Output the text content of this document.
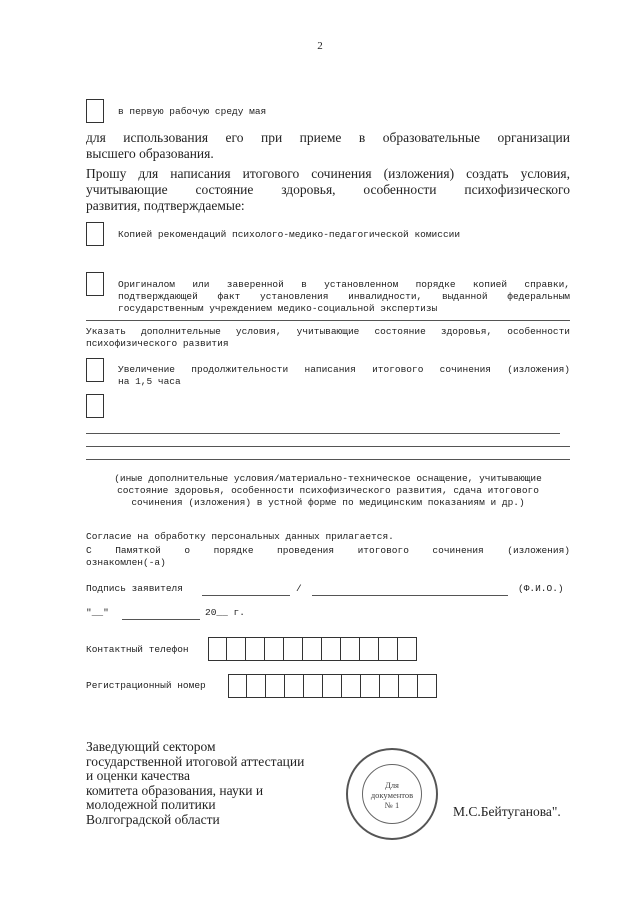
2
в первую рабочую среду мая
для использования его при приеме в образовательные организации
высшего образования.
Прошу для написания итогового сочинения (изложения) создать условия,
учитывающие состояние здоровья, особенности психофизического
развития, подтверждаемые:
Копией рекомендаций психолого-медико-педагогической комиссии
Оригиналом или заверенной в установленном порядке копией справки,
подтверждающей факт установления инвалидности, выданной федеральным
государственным учреждением медико-социальной экспертизы
Указать дополнительные условия, учитывающие состояние здоровья, особенности
психофизического развития
Увеличение продолжительности написания итогового сочинения (изложения)
на 1,5 часа
(иные дополнительные условия/материально-техническое оснащение, учитывающие
состояние здоровья, особенности психофизического развития, сдача итогового
сочинения (изложения) в устной форме по медицинским показаниям и др.)
Согласие на обработку персональных данных прилагается.
С Памяткой о порядке проведения итогового сочинения (изложения)
ознакомлен(-а)
Подпись заявителя	/	(Ф.И.О.)
"__"	20__ г.
Контактный телефон
Регистрационный номер
Заведующий сектором
государственной итоговой аттестации
и оценки качества
комитета образования, науки и
молодежной политики
Волгоградской области
Для
документов
№ 1	М.С.Бейтуганова".
